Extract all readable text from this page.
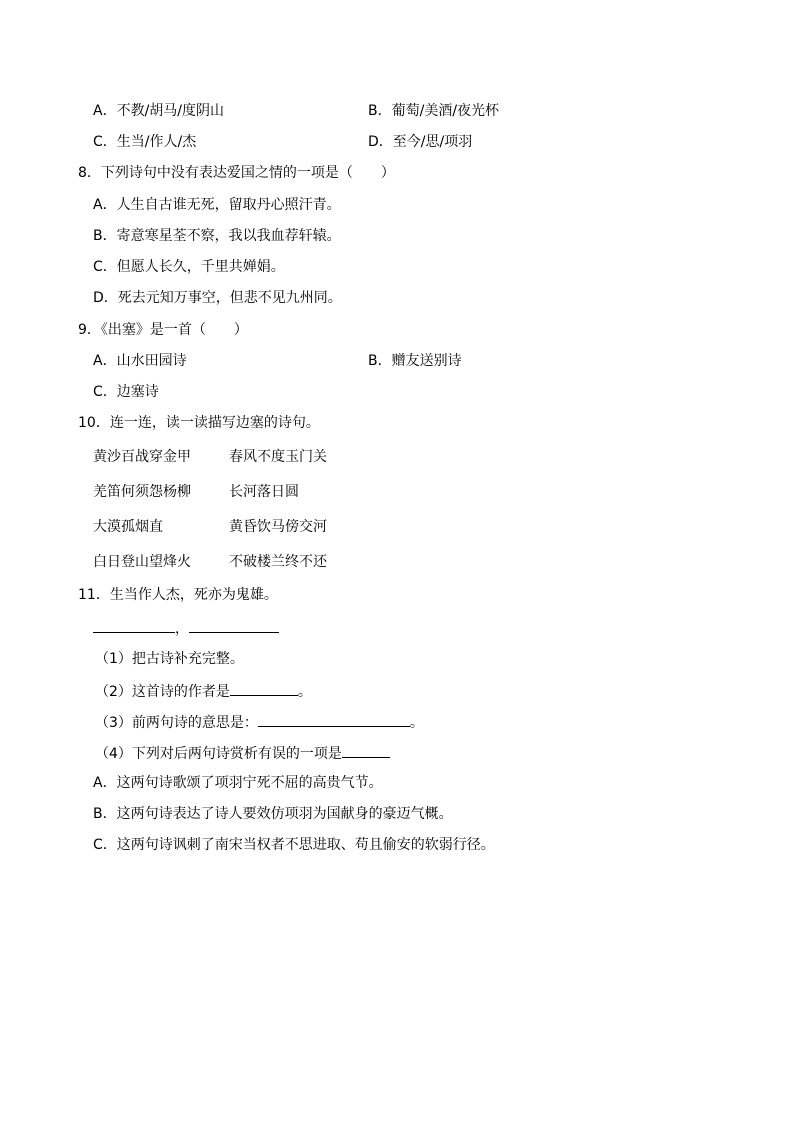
A．不教/胡马/度阴山	B．葡萄/美酒/夜光杯
C．生当/作人/杰	D．至今/思/项羽
8．下列诗句中没有表达爱国之情的一项是（　　）
A．人生自古谁无死，留取丹心照汗青。
B．寄意寒星荃不察，我以我血荐轩辕。
C．但愿人长久，千里共婵娟。
D．死去元知万事空，但悲不见九州同。
9．《出塞》是一首（　　）
A．山水田园诗	B．赠友送别诗
C．边塞诗
10．连一连，读一读描写边塞的诗句。
黄沙百战穿金甲	春风不度玉门关
羌笛何须怨杨柳	长河落日圆
大漠孤烟直	黄昏饮马傍交河
白日登山望烽火	不破楼兰终不还
11．生当作人杰，死亦为鬼雄。
，
（1）把古诗补充完整。
（2）这首诗的作者是	。
（3）前两句诗的意思是：	。
（4）下列对后两句诗赏析有误的一项是
A．这两句诗歌颂了项羽宁死不屈的高贵气节。
B．这两句诗表达了诗人要效仿项羽为国献身的豪迈气概。
C．这两句诗讽刺了南宋当权者不思进取、苟且偷安的软弱行径。
